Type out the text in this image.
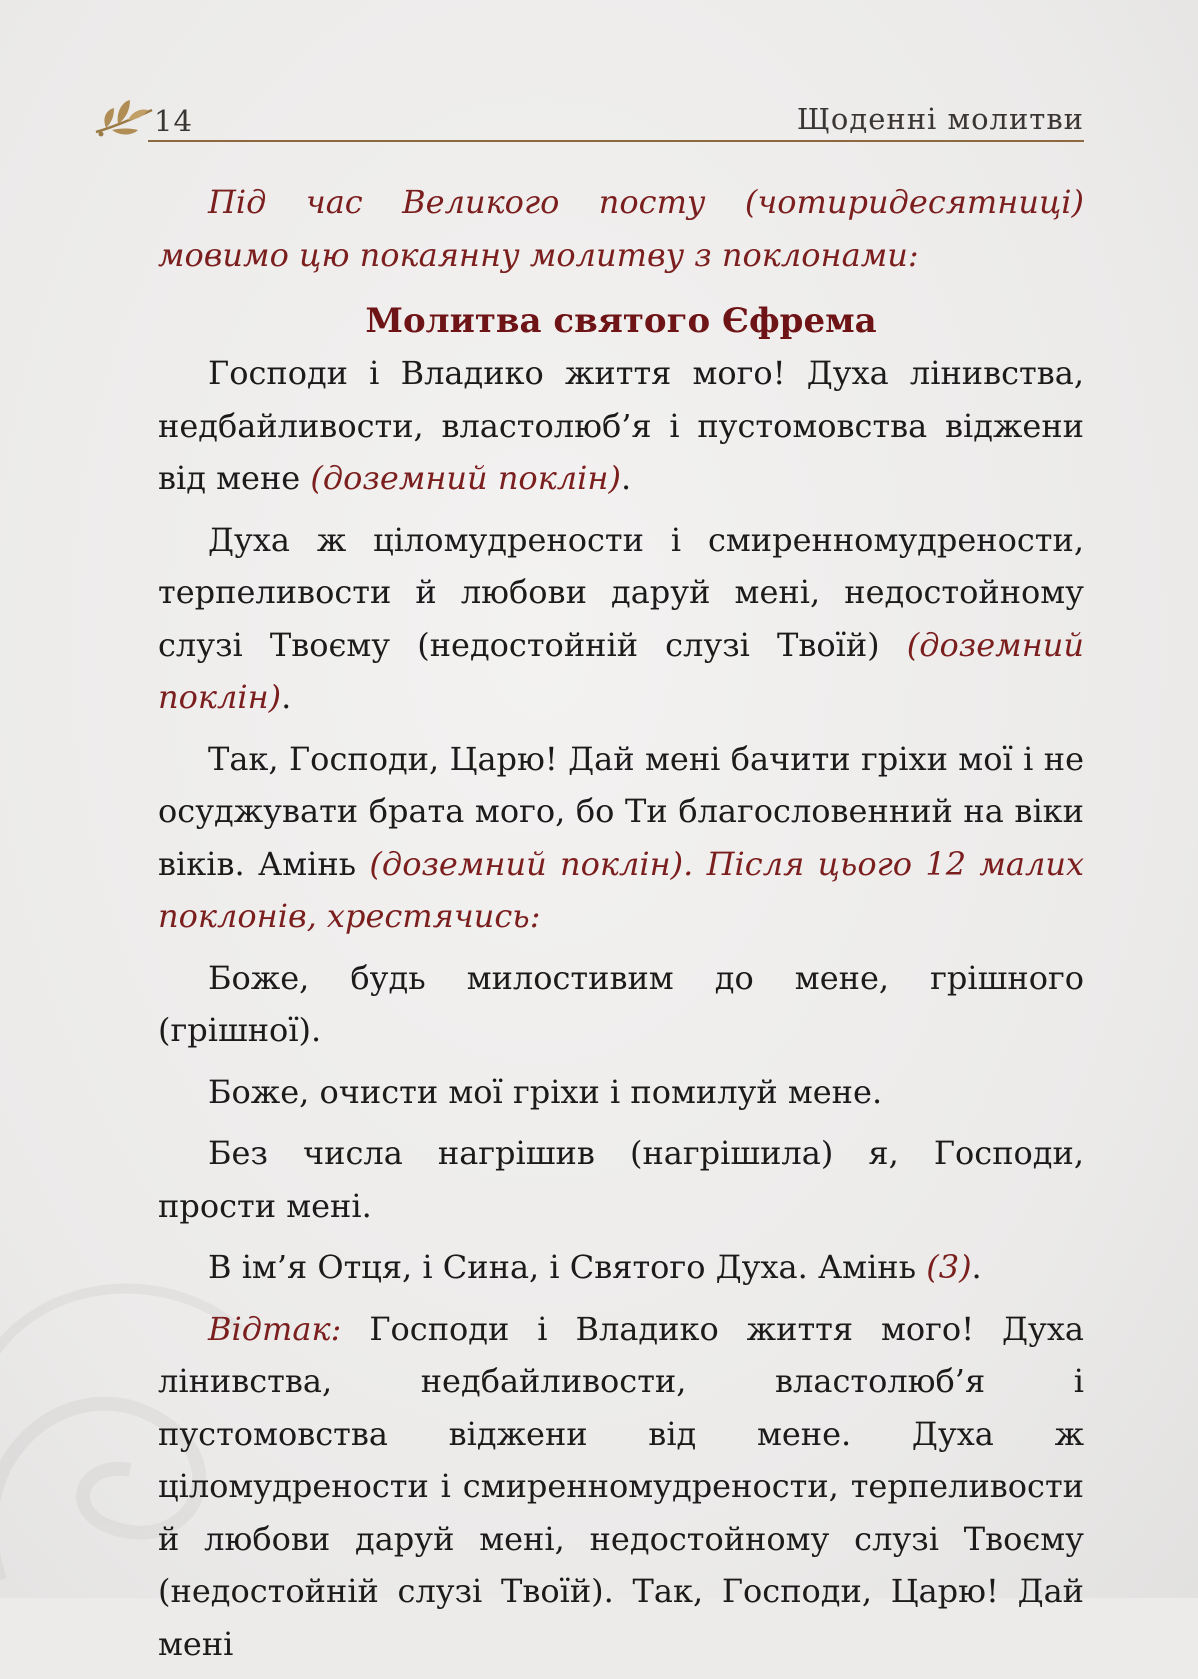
14	Щоденні молитви

Під час Великого посту (чотиридесятниці) мовимо цю покаянну молитву з поклонами:

Молитва святого Єфрема

Господи і Владико життя мого! Духа лінивства, недбайливости, властолюб’я і пустомовства віджени від мене (доземний поклін).

Духа ж цiломудрености i смиренномудрености, терпеливости й любови даруй мені, недостойному слузі Твоєму (недостойній слузі Твоїй) (доземний поклін).

Так, Господи, Царю! Дай мені бачити гріхи мої і не осуджувати брата мого, бо Ти благословенний на віки віків. Амінь (доземний поклін). Після цього 12 малих поклонів, хрестячись:

Боже, будь милостивим до мене, грішного (грішної).

Боже, очисти мої гріхи і помилуй мене.

Без числа нагрішив (нагрішила) я, Господи, прости мені.

В ім’я Отця, і Сина, і Святого Духа. Амінь (3).

Відтак: Господи і Владико життя мого! Духа лінивства, недбайливости, властолюб’я і пустомовства віджени від мене. Духа ж цiломудрености i смиренномудрености, терпеливости й любови даруй мені, недостойному слузі Твоєму (недостойній слузі Твоїй). Так, Господи, Царю! Дай мені
